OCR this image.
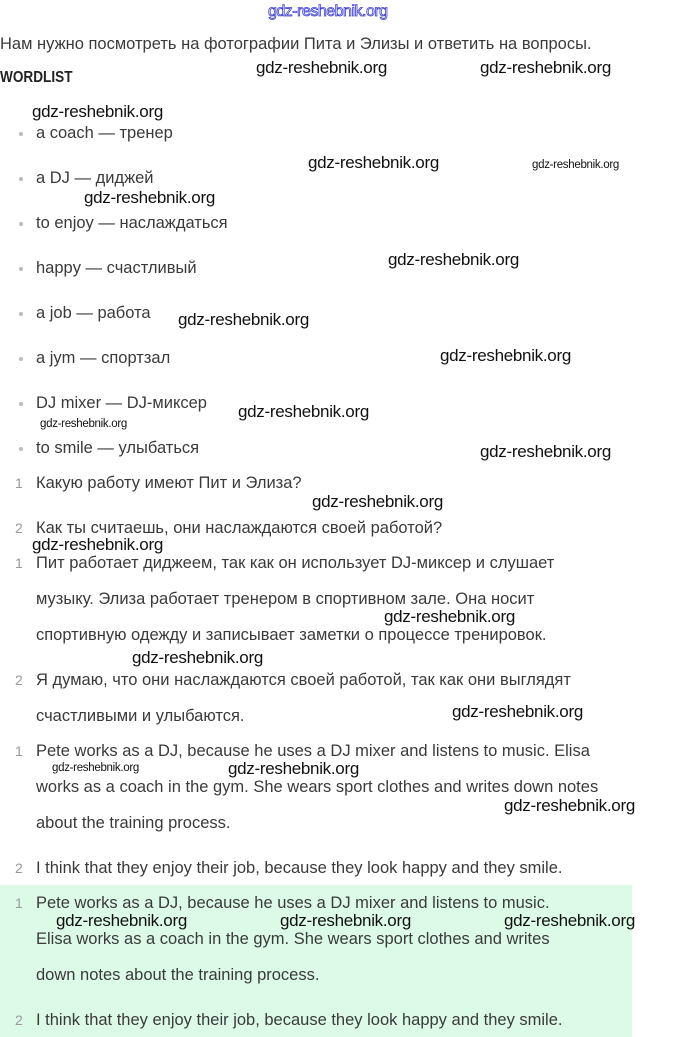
gdz-reshebnik.org
Нам нужно посмотреть на фотографии Пита и Элизы и ответить на вопросы.
WORDLIST
a coach — тренер
a DJ — диджей
to enjoy — наслаждаться
happy — счастливый
a job — работа
a jym — спортзал
DJ mixer — DJ-миксер
to smile — улыбаться
1 Какую работу имеют Пит и Элиза?
2 Как ты считаешь, они наслаждаются своей работой?
1 Пит работает диджеем, так как он использует DJ-миксер и слушает
музыку. Элиза работает тренером в спортивном зале. Она носит
спортивную одежду и записывает заметки о процессе тренировок.
2 Я думаю, что они наслаждаются своей работой, так как они выглядят
счастливыми и улыбаются.
1 Pete works as a DJ, because he uses a DJ mixer and listens to music. Elisa
works as a coach in the gym. She wears sport clothes and writes down notes
about the training process.
2 I think that they enjoy their job, because they look happy and they smile.
1 Pete works as a DJ, because he uses a DJ mixer and listens to music.
Elisa works as a coach in the gym. She wears sport clothes and writes
down notes about the training process.
2 I think that they enjoy their job, because they look happy and they smile.
gdz-reshebnik.org	gdz-reshebnik.org
gdz-reshebnik.org
gdz-reshebnik.org	gdz-reshebnik.org
gdz-reshebnik.org
gdz-reshebnik.org
gdz-reshebnik.org
gdz-reshebnik.org
gdz-reshebnik.org
gdz-reshebnik.org
gdz-reshebnik.org
gdz-reshebnik.org
gdz-reshebnik.org
gdz-reshebnik.org
gdz-reshebnik.org
gdz-reshebnik.org
gdz-reshebnik.org
gdz-reshebnik.org
gdz-reshebnik.org
gdz-reshebnik.org	gdz-reshebnik.org	gdz-reshebnik.org
